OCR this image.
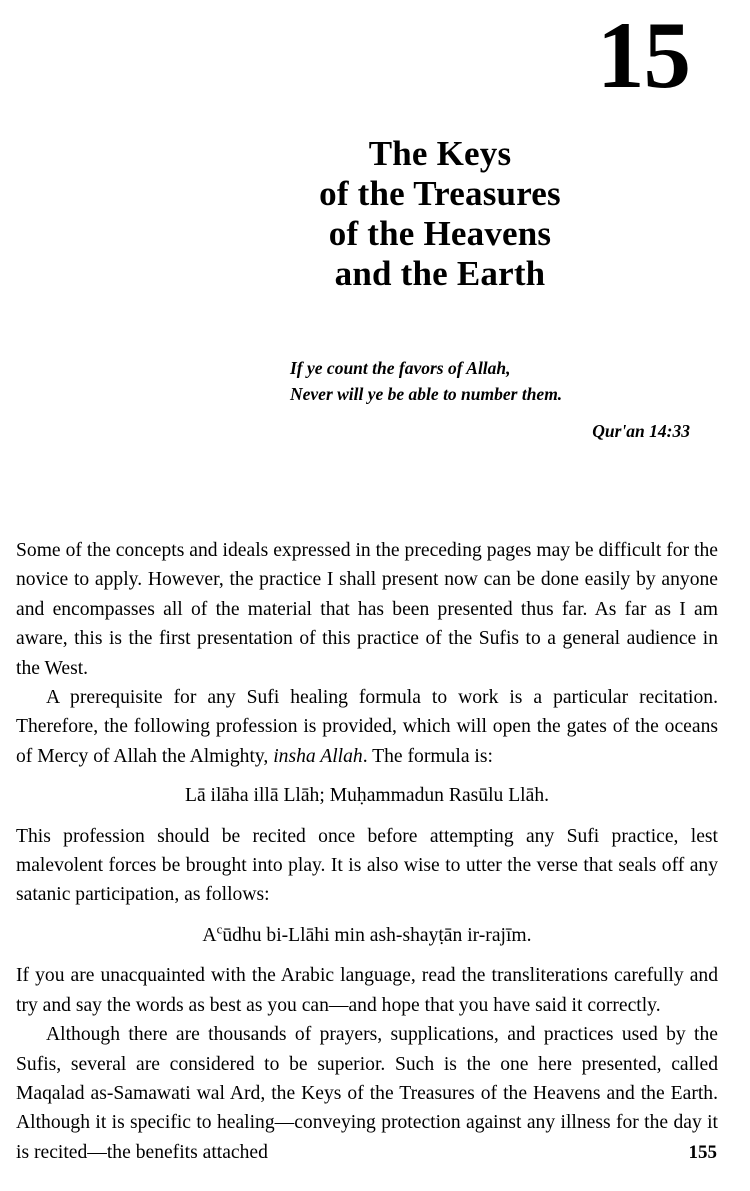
15
The Keys
of the Treasures
of the Heavens
and the Earth
If ye count the favors of Allah,
Never will ye be able to number them.
Qur'an 14:33

Some of the concepts and ideals expressed in the preceding pages may be difficult for the novice to apply. However, the practice I shall present now can be done easily by anyone and encompasses all of the material that has been presented thus far. As far as I am aware, this is the first presentation of this practice of the Sufis to a general audience in the West.

A prerequisite for any Sufi healing formula to work is a particular recitation. Therefore, the following profession is provided, which will open the gates of the oceans of Mercy of Allah the Almighty, insha Allah. The formula is:

Lā ilāha illā Llāh; Muḥammadun Rasūlu Llāh.

This profession should be recited once before attempting any Sufi practice, lest malevolent forces be brought into play. It is also wise to utter the verse that seals off any satanic participation, as follows:

$A^cūdhu$ bi-Llāhi min ash-shayṭān ir-rajīm.

If you are unacquainted with the Arabic language, read the transliterations carefully and try and say the words as best as you can—and hope that you have said it correctly.

Although there are thousands of prayers, supplications, and practices used by the Sufis, several are considered to be superior. Such is the one here presented, called Maqalad as-Samawati wal Ard, the Keys of the Treasures of the Heavens and the Earth. Although it is specific to healing—conveying protection against any illness for the day it is recited—the benefits attached	155
